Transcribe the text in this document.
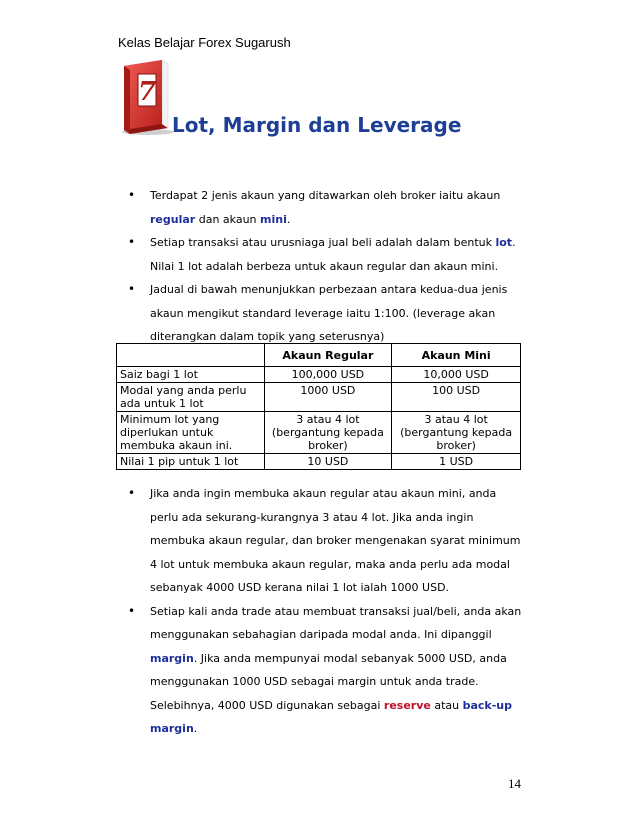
Kelas Belajar Forex Sugarush
7
Lot, Margin dan Leverage
• Terdapat 2 jenis akaun yang ditawarkan oleh broker iaitu akaun regular dan akaun mini.
• Setiap transaksi atau urusniaga jual beli adalah dalam bentuk lot. Nilai 1 lot adalah berbeza untuk akaun regular dan akaun mini.
• Jadual di bawah menunjukkan perbezaan antara kedua-dua jenis akaun mengikut standard leverage iaitu 1:100. (leverage akan diterangkan dalam topik yang seterusnya)
	Akaun Regular	Akaun Mini
Saiz bagi 1 lot	100,000 USD	10,000 USD
Modal yang anda perlu ada untuk 1 lot	1000 USD	100 USD
Minimum lot yang diperlukan untuk membuka akaun ini.	3 atau 4 lot (bergantung kepada broker)	3 atau 4 lot (bergantung kepada broker)
Nilai 1 pip untuk 1 lot	10 USD	1 USD
• Jika anda ingin membuka akaun regular atau akaun mini, anda perlu ada sekurang-kurangnya 3 atau 4 lot. Jika anda ingin membuka akaun regular, dan broker mengenakan syarat minimum 4 lot untuk membuka akaun regular, maka anda perlu ada modal sebanyak 4000 USD kerana nilai 1 lot ialah 1000 USD.
• Setiap kali anda trade atau membuat transaksi jual/beli, anda akan menggunakan sebahagian daripada modal anda. Ini dipanggil margin. Jika anda mempunyai modal sebanyak 5000 USD, anda menggunakan 1000 USD sebagai margin untuk anda trade. Selebihnya, 4000 USD digunakan sebagai reserve atau back-up margin.
14
